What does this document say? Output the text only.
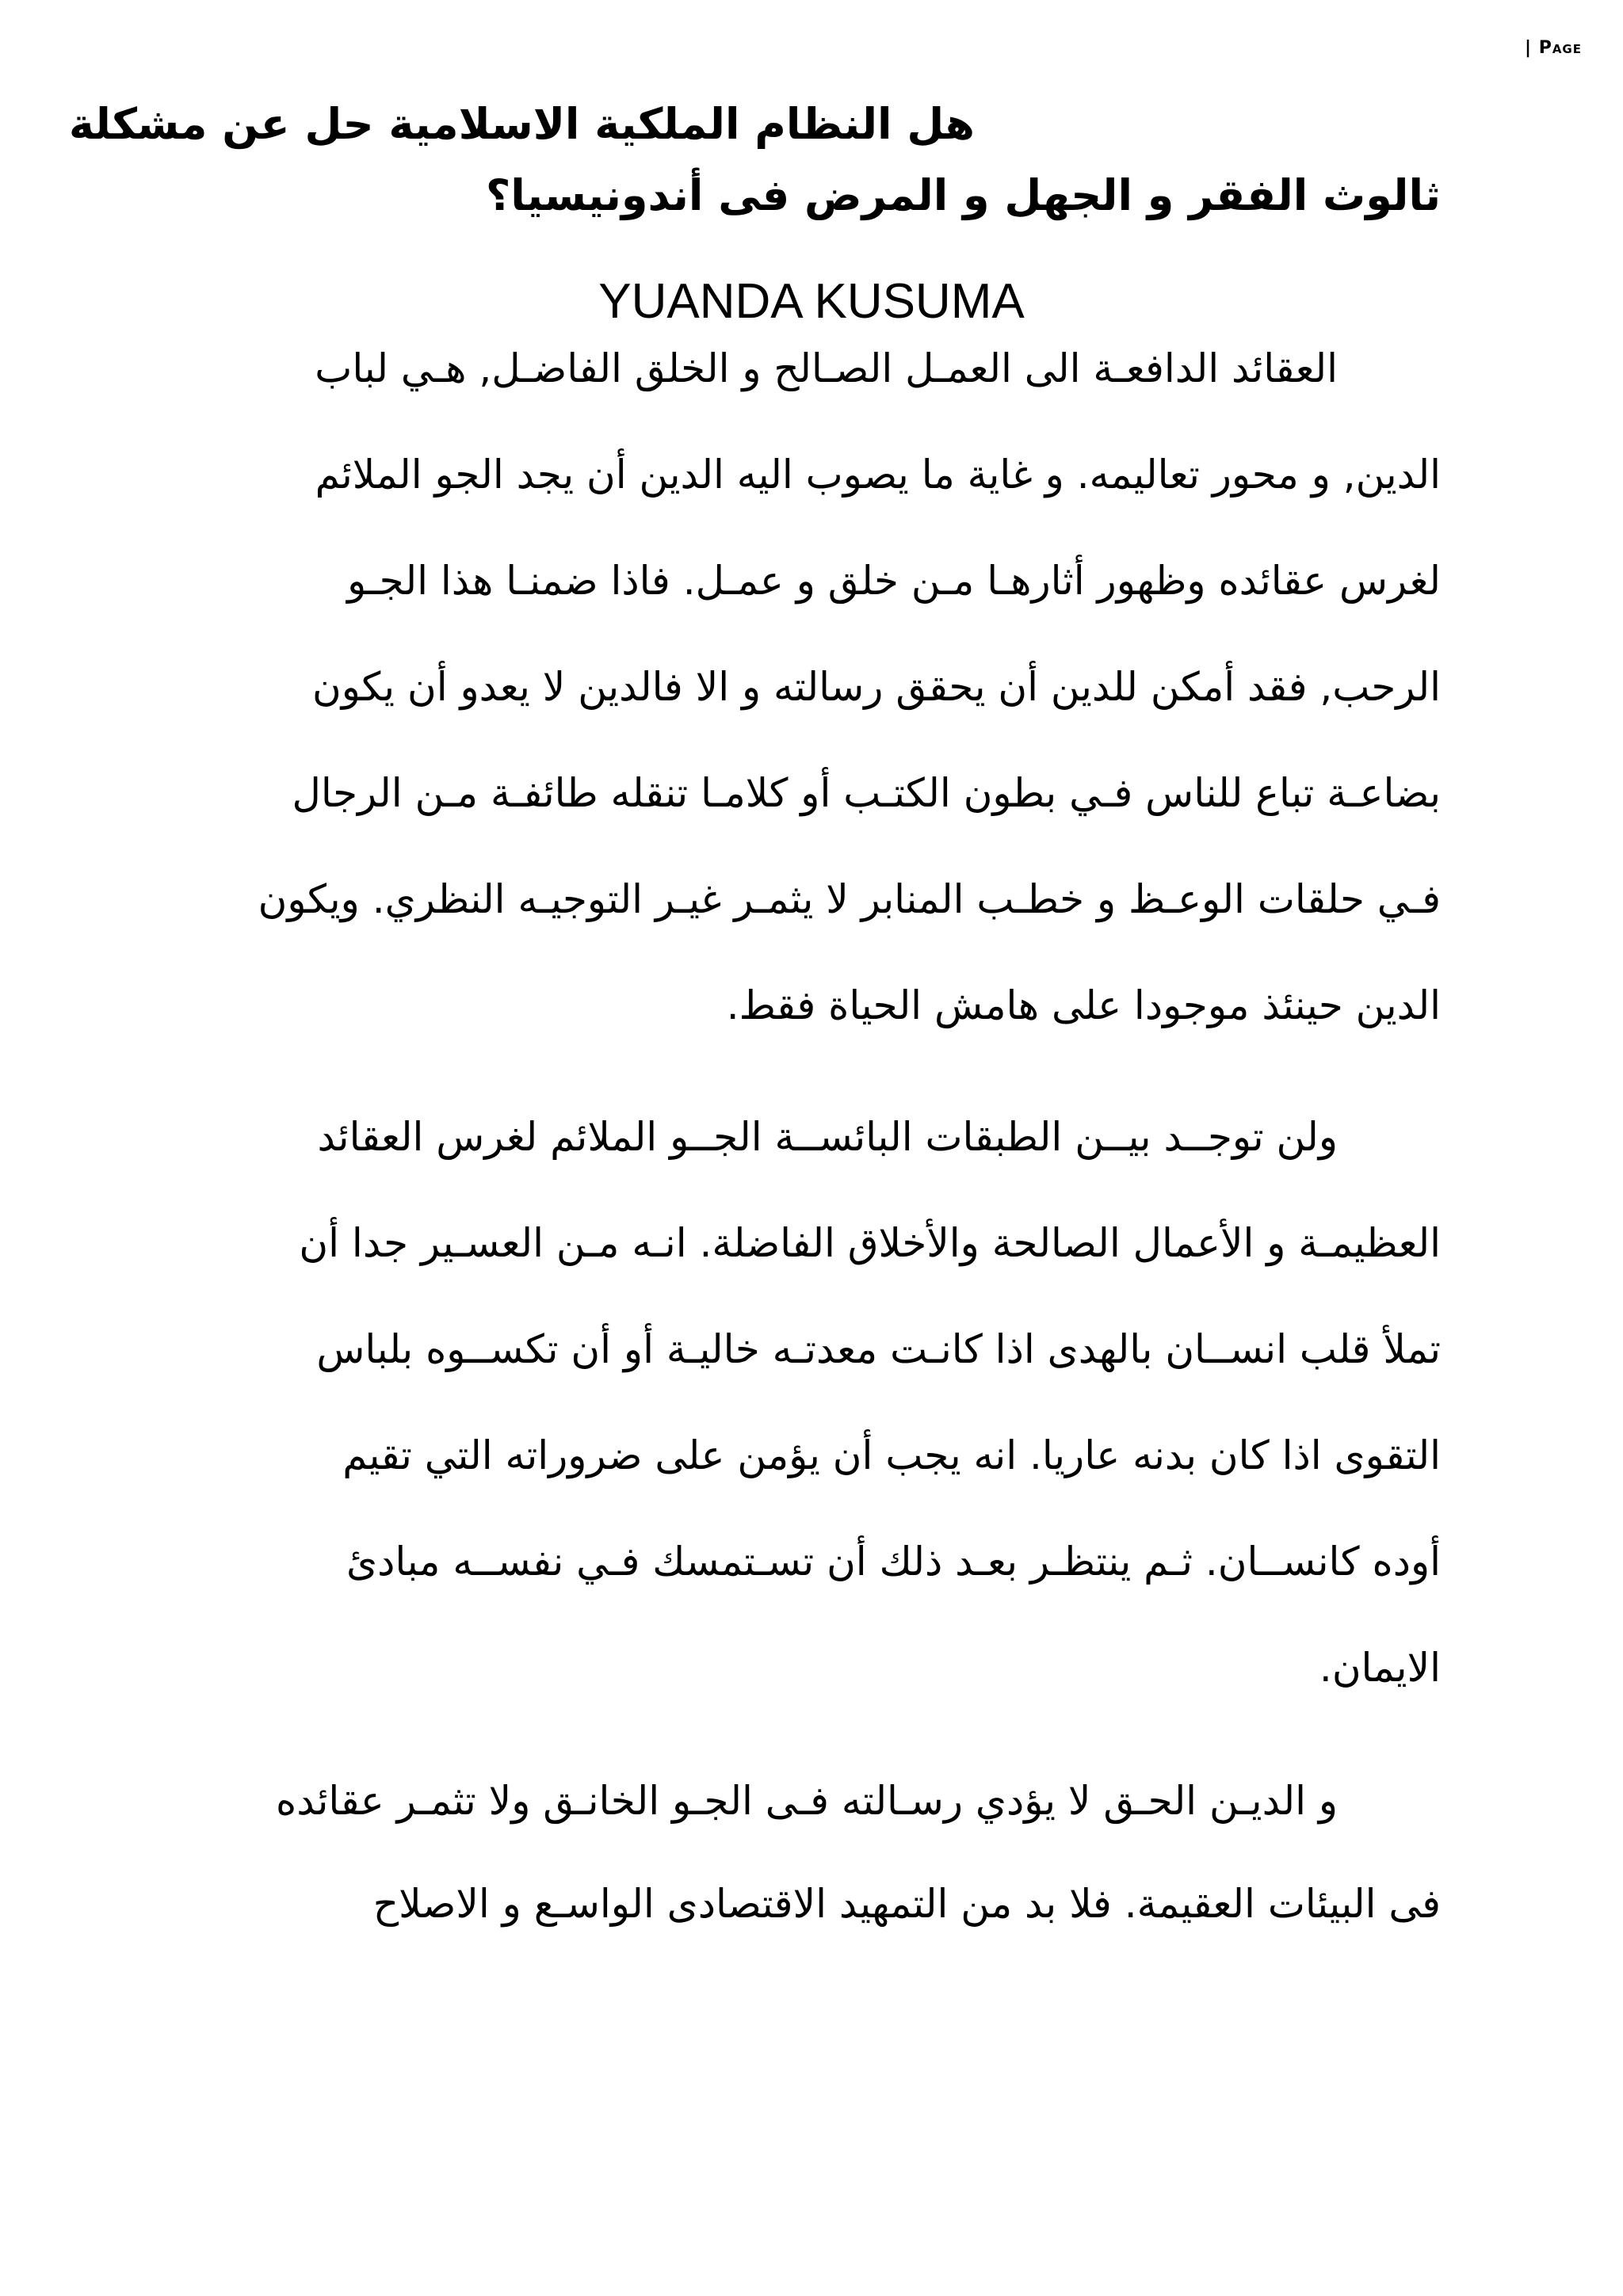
| Page
هل النظام الملكية الاسلامية حل عن مشكلة
ثالوث الفقر و الجهل و المرض فى أندونيسيا؟
YUANDA KUSUMA
العقائد الدافعـة الى العمـل الصـالح و الخلق الفاضـل, هـي لباب
الدين, و محور تعاليمه. و غاية ما يصوب اليه الدين أن يجد الجو الملائم
لغرس عقائده وظهور أثارهـا مـن خلق و عمـل. فاذا ضمنـا هذا الجـو
الرحب, فقد أمكن للدين أن يحقق رسالته و الا فالدين لا يعدو أن يكون
بضاعـة تباع للناس فـي بطون الكتـب أو كلامـا تنقله طائفـة مـن الرجال
فـي حلقات الوعـظ و خطـب المنابر لا يثمـر غيـر التوجيـه النظري. ويكون
الدين حينئذ موجودا على هامش الحياة فقط.
ولن توجــد بيــن الطبقات البائســة الجــو الملائم لغرس العقائد
العظيمـة و الأعمال الصالحة والأخلاق الفاضلة. انـه مـن العسـير جدا أن
تملأ قلب انســان بالهدى اذا كانـت معدتـه خاليـة أو أن تكســوه بلباس
التقوى اذا كان بدنه عاريا. انه يجب أن يؤمن على ضروراته التي تقيم
أوده كانســان. ثـم ينتظـر بعـد ذلك أن تسـتمسك فـي نفســه مبادئ
الايمان.
و الديـن الحـق لا يؤدي رسـالته فـى الجـو الخانـق ولا تثمـر عقائده
فى البيئات العقيمة. فلا بد من التمهيد الاقتصادى الواسـع و الاصلاح
